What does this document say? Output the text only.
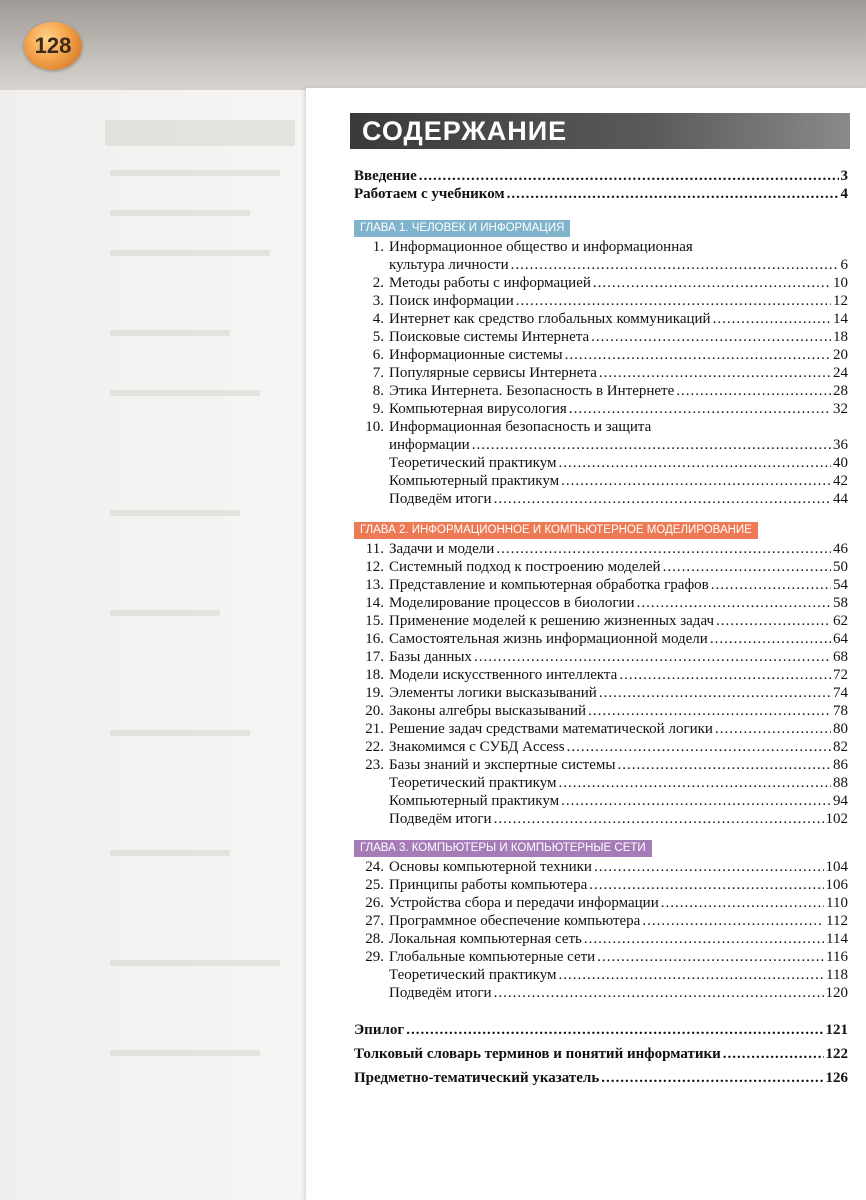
128
СОДЕРЖАНИЕ
Введение .....	3
Работаем с учебником .....	4
ГЛАВА 1. ЧЕЛОВЕК И ИНФОРМАЦИЯ
1. Информационное общество и информационная
культура личности .....	6
2. Методы работы с информацией .....	10
3. Поиск информации .....	12
4. Интернет как средство глобальных коммуникаций .....	14
5. Поисковые системы Интернета .....	18
6. Информационные системы .....	20
7. Популярные сервисы Интернета .....	24
8. Этика Интернета. Безопасность в Интернете .....	28
9. Компьютерная вирусология .....	32
10. Информационная безопасность и защита
информации .....	36
Теоретический практикум .....	40
Компьютерный практикум .....	42
Подведём итоги .....	44
ГЛАВА 2. ИНФОРМАЦИОННОЕ И КОМПЬЮТЕРНОЕ МОДЕЛИРОВАНИЕ
11. Задачи и модели .....	46
12. Системный подход к построению моделей .....	50
13. Представление и компьютерная обработка графов .....	54
14. Моделирование процессов в биологии .....	58
15. Применение моделей к решению жизненных задач .....	62
16. Самостоятельная жизнь информационной модели .....	64
17. Базы данных .....	68
18. Модели искусственного интеллекта .....	72
19. Элементы логики высказываний .....	74
20. Законы алгебры высказываний .....	78
21. Решение задач средствами математической логики .....	80
22. Знакомимся с СУБД Access .....	82
23. Базы знаний и экспертные системы .....	86
Теоретический практикум .....	88
Компьютерный практикум .....	94
Подведём итоги .....	102
ГЛАВА 3. КОМПЬЮТЕРЫ И КОМПЬЮТЕРНЫЕ СЕТИ
24. Основы компьютерной техники .....	104
25. Принципы работы компьютера .....	106
26. Устройства сбора и передачи информации .....	110
27. Программное обеспечение компьютера .....	112
28. Локальная компьютерная сеть .....	114
29. Глобальные компьютерные сети .....	116
Теоретический практикум .....	118
Подведём итоги .....	120
Эпилог .....	121
Толковый словарь терминов и понятий информатики .....	122
Предметно-тематический указатель .....	126
